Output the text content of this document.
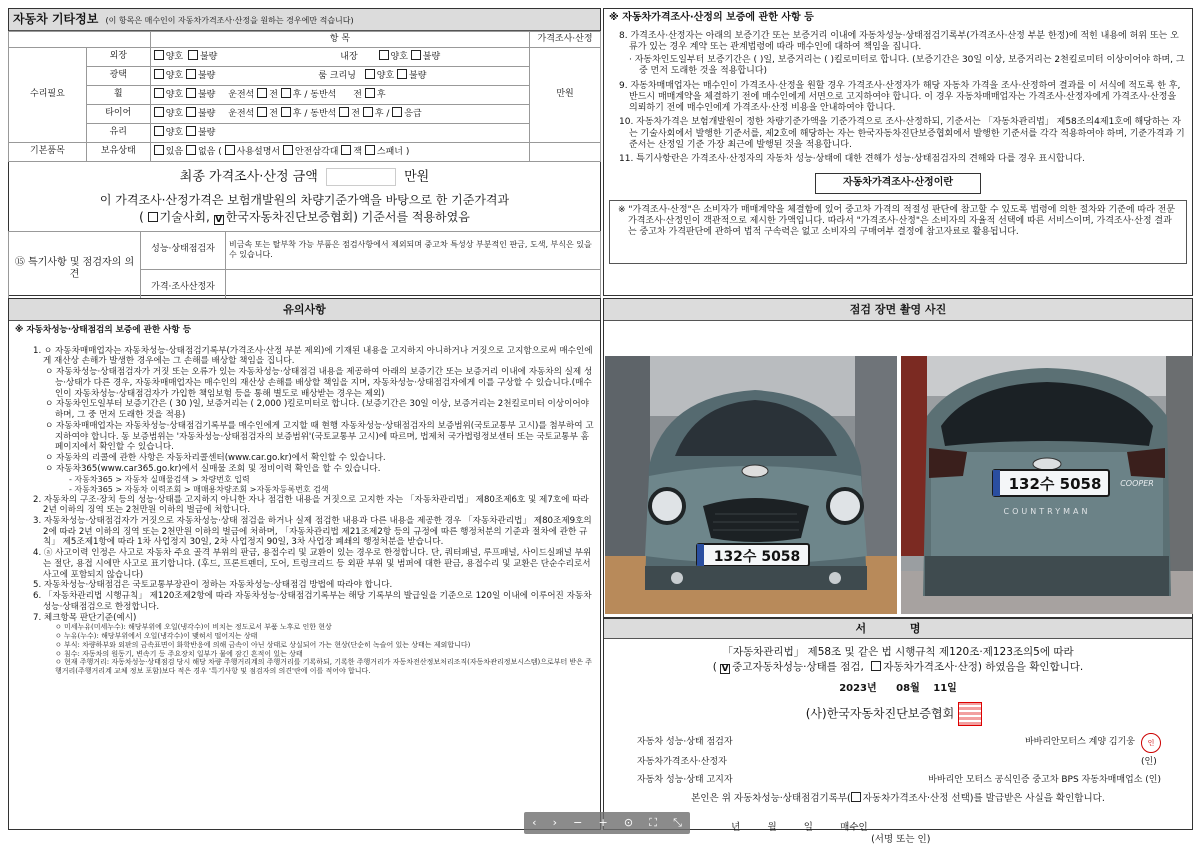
자동차 기타정보 (이 항목은 매수인이 자동차가격조사·산정을 원하는 경우에만 적습니다)
		항 목	가격조사·산정
수리필요	외장	양호 불량 내장 양호 불량	만원
	광택	양호 불량 룸 크리닝 양호 불량	
	휠	양호 불량 운전석 전 후 / 동반석 전 후	
	타이어	양호 불량 운전석 전 후 / 동반석 전 후 / 응급	
	유리	양호 불량	
기본품목	보유상태	있음 없음 ( 사용설명서 안전삼각대 잭 스패너 )	
최종 가격조사·산정 금액	만원
이 가격조사·산정가격은 보험개발원의 차량기준가액을 바탕으로 한 기준가격과
( 기술사회, V 한국자동차진단보증협회) 기준서를 적용하였음
⑮ 특기사항 및 점검자의 의견	성능·상태점검자	비금속 또는 탈부착 가능 부품은 점검사항에서 제외되며 중고차 특성상 부분적인 판금, 도색, 부식은 있을 수 있습니다.
	가격·조사산정자	
※ 자동차가격조사·산정의 보증에 관한 사항 등
8. 가격조사·산정자는 아래의 보증기간 또는 보증거리 이내에 자동차성능·상태점검기록부(가격조사·산정 부분 한정)에 적힌 내용에 허위 또는 오류가 있는 경우 계약 또는 관계법령에 따라 매수인에 대하여 책임을 집니다.
· 자동차인도일부터 보증기간은 ( )일, 보증거리는 ( )킬로미터로 합니다. (보증기간은 30일 이상, 보증거리는 2천킬로미터 이상이어야 하며, 그 중 먼저 도래한 것을 적용합니다)
9. 자동차매매업자는 매수인이 가격조사·산정을 원할 경우 가격조사·산정자가 해당 자동차 가격을 조사·산정하여 결과를 이 서식에 적도록 한 후, 반드시 매매계약을 체결하기 전에 매수인에게 서면으로 고지하여야 합니다. 이 경우 자동차매매업자는 가격조사·산정자에게 가격조사·산정을 의뢰하기 전에 매수인에게 가격조사·산정 비용을 안내하여야 합니다.
10. 자동차가격은 보험개발원이 정한 차량기준가액을 기준가격으로 조사·산정하되, 기준서는 「자동차관리법」 제58조의4제1호에 해당하는 자는 기술사회에서 발행한 기준서를, 제2호에 해당하는 자는 한국자동차진단보증협회에서 발행한 기준서를 각각 적용하여야 하며, 기준가격과 기준서는 산정일 기준 가장 최근에 발행된 것을 적용합니다.
11. 특기사항란은 가격조사·산정자의 자동차 성능·상태에 대한 견해가 성능·상태점검자의 견해와 다를 경우 표시합니다.
자동차가격조사·산정이란
※ "가격조사·산정"은 소비자가 매매계약을 체결함에 있어 중고차 가격의 적절성 판단에 참고할 수 있도록 법령에 의한 절차와 기준에 따라 전문 가격조사·산정인이 객관적으로 제시한 가액입니다. 따라서 "가격조사·산정"은 소비자의 자율적 선택에 따른 서비스이며, 가격조사·산정 결과는 중고차 가격판단에 관하여 법적 구속력은 없고 소비자의 구매여부 결정에 참고자료로 활용됩니다.
유의사항
※ 자동차성능·상태점검의 보증에 관한 사항 등
1. ㅇ 자동차매매업자는 자동차성능·상태점검기록부(가격조사·산정 부분 제외)에 기재된 내용을 고지하지 아니하거나 거짓으로 고지함으로써 매수인에게 재산상 손해가 발생한 경우에는 그 손해를 배상할 책임을 집니다.
ㅇ 자동차성능·상태점검자가 거짓 또는 오류가 있는 자동차성능·상태점검 내용을 제공하여 아래의 보증기간 또는 보증거리 이내에 자동차의 실제 성능·상태가 다른 경우, 자동차매매업자는 매수인의 재산상 손해를 배상할 책임을 지며, 자동차성능·상태점검자에게 이를 구상할 수 있습니다.(매수인이 자동차성능·상태점검자가 가입한 책임보험 등을 통해 별도로 배상받는 경우는 제외)
ㅇ 자동차인도일부터 보증기간은 ( 30 )일, 보증거리는 ( 2,000 )킬로미터로 합니다. (보증기간은 30일 이상, 보증거리는 2천킬로미터 이상이어야 하며, 그 중 먼저 도래한 것을 적용)
ㅇ 자동차매매업자는 자동차성능·상태점검기록부를 매수인에게 고지할 때 현행 자동차성능·상태점검자의 보증범위(국토교통부 고시)를 첨부하여 고지하여야 합니다. 동 보증범위는 '자동차성능·상태점검자의 보증범위'(국토교통부 고시)에 따르며, 법제처 국가법령정보센터 또는 국토교통부 홈페이지에서 확인할 수 있습니다.
ㅇ 자동차의 리콜에 관한 사항은 자동차리콜센터(www.car.go.kr)에서 확인할 수 있습니다.
ㅇ 자동차365(www.car365.go.kr)에서 실매물 조회 및 정비이력 확인을 할 수 있습니다.
- 자동차365 > 자동차 실매물검색 > 차량번호 입력
- 자동차365 > 자동차 이력조회 > 매매용차량조회 >자동차등록번호 검색
2. 자동차의 구조·장치 등의 성능·상태를 고지하지 아니한 자나 점검한 내용을 거짓으로 고지한 자는 「자동차관리법」 제80조제6호 및 제7호에 따라 2년 이하의 징역 또는 2천만원 이하의 벌금에 처합니다.
3. 자동차성능·상태점검자가 거짓으로 자동차성능·상태 점검을 하거나 실제 점검한 내용과 다른 내용을 제공한 경우 「자동차관리법」 제80조제9호의2에 따라 2년 이하의 징역 또는 2천만원 이하의 벌금에 처하며, 「자동차관리법 제21조제2항 등의 규정에 따른 행정처분의 기준과 절차에 관한 규칙」 제5조제1항에 따라 1차 사업정지 30일, 2차 사업정지 90일, 3차 사업장 폐쇄의 행정처분을 받습니다.
4. ⓐ 사고이력 인정은 사고로 자동차 주요 골격 부위의 판금, 용접수리 및 교환이 있는 경우로 한정합니다. 단, 쿼터패널, 루프패널, 사이드실패널 부위는 절단, 용접 시에만 사고로 표기합니다. (후드, 프론트펜더, 도어, 트렁크리드 등 외판 부위 및 범퍼에 대한 판금, 용접수리 및 교환은 단순수리로서 사고에 포함되지 않습니다)
5. 자동차성능·상태점검은 국토교통부장관이 정하는 자동차성능·상태점검 방법에 따라야 합니다.
6. 「자동차관리법 시행규칙」 제120조제2항에 따라 자동차성능·상태점검기록부는 해당 기록부의 발급일을 기준으로 120일 이내에 이루어진 자동차 성능·상태점검으로 한정합니다.
7. 체크항목 판단기준(예시)
ㅇ 미세누유(미세누수): 해당부위에 오일(냉각수)이 비치는 정도로서 부품 노후로 인한 현상
ㅇ 누유(누수): 해당부위에서 오일(냉각수)이 맺혀서 떨어지는 상태
ㅇ 부식: 차량하부와 외판의 금속표면이 화학반응에 의해 금속이 아닌 상태로 상실되어 가는 현상(단순히 녹슬어 있는 상태는 제외합니다)
ㅇ 침수: 자동차의 원동기, 변속기 등 주요장치 일부가 물에 잠긴 흔적이 있는 상태
ㅇ 현재 주행거리: 자동차성능·상태점검 당시 해당 차량 주행거리계의 주행거리를 기록하되, 기록한 주행거리가 자동차전산정보처리조직(자동차관리정보시스템)으로부터 받은 주행거리(주행거리계 교체 정보 포함)보다 적은 경우 '특기사항 및 점검자의 의견'란에 이를 적어야 합니다.
점검 장면 촬영 사진
132수 5058
132수 5058 COOPER
COUNTRYMAN
서 명
「자동차관리법」 제58조 및 같은 법 시행규칙 제120조·제123조의5에 따라
( V 중고자동차성능·상태를 점검, 자동차가격조사·산정) 하였음을 확인합니다.
2023년 08월 11일
(사)한국자동차진단보증협회
자동차 성능·상태 점검자	바바리안모터스 계양 김기웅	인
자동차가격조사·산정자		(인)
자동차 성능·상태 고지자	바바리안 모터스 공식인증 중고차 BPS 자동차매매업소 (인)	
본인은 위 자동차성능·상태점검기록부( 자동차가격조사·산정 선택)를 발급받은 사실을 확인합니다.

년         월         일         매수인
(서명 또는 인)

‹ › − + ⊙ ⛶ ⤡
